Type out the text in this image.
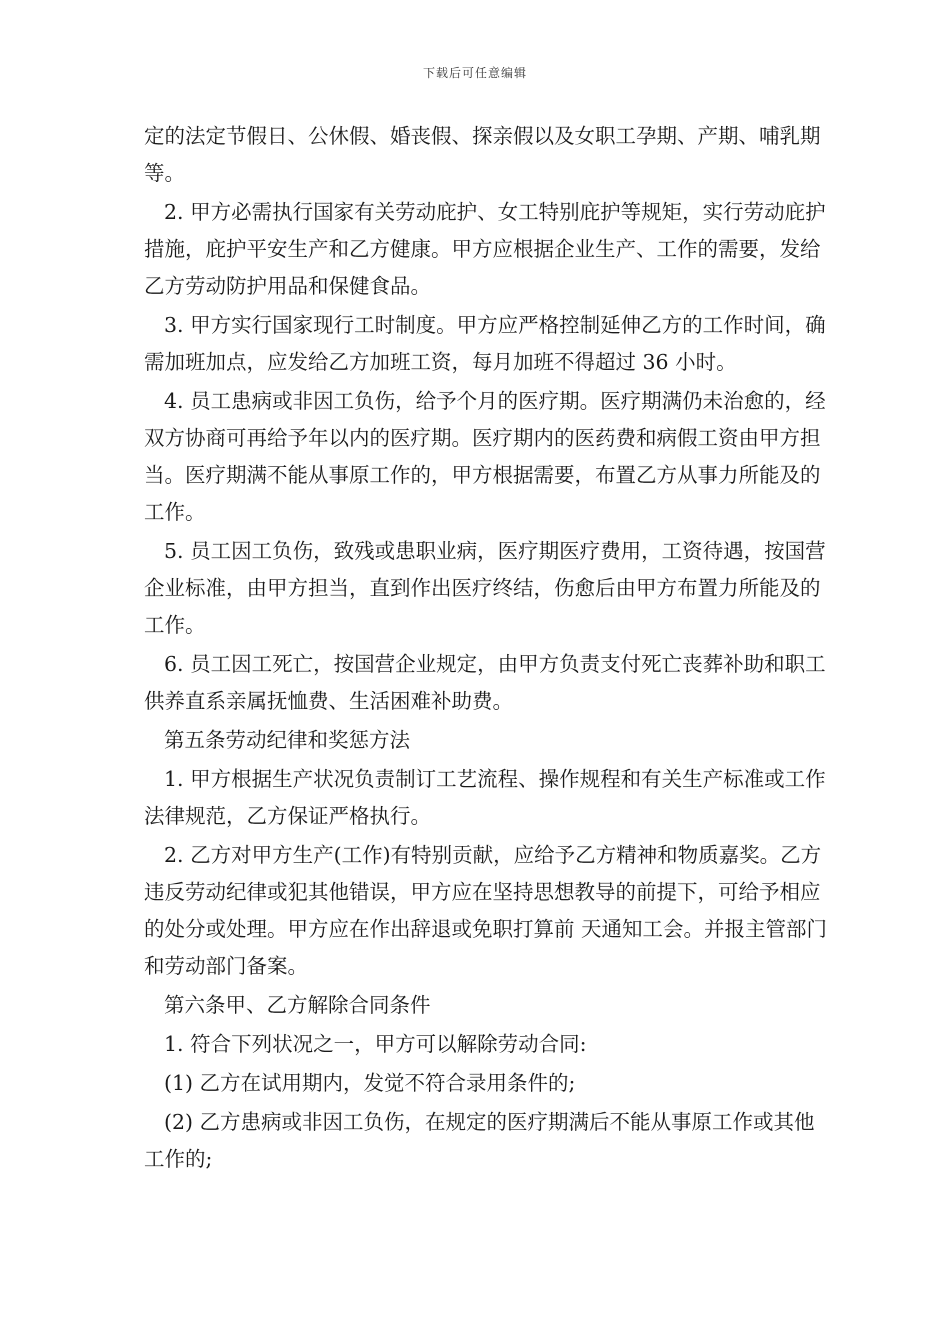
下载后可任意编辑

定的法定节假日、公休假、婚丧假、探亲假以及女职工孕期、产期、哺乳期等。

2. 甲方必需执行国家有关劳动庇护、女工特别庇护等规矩，实行劳动庇护措施，庇护平安生产和乙方健康。甲方应根据企业生产、工作的需要，发给乙方劳动防护用品和保健食品。

3. 甲方实行国家现行工时制度。甲方应严格控制延伸乙方的工作时间，确需加班加点，应发给乙方加班工资，每月加班不得超过 36 小时。

4. 员工患病或非因工负伤，给予个月的医疗期。医疗期满仍未治愈的，经双方协商可再给予年以内的医疗期。医疗期内的医药费和病假工资由甲方担当。医疗期满不能从事原工作的，甲方根据需要，布置乙方从事力所能及的工作。

5. 员工因工负伤，致残或患职业病，医疗期医疗费用，工资待遇，按国营企业标准，由甲方担当，直到作出医疗终结，伤愈后由甲方布置力所能及的工作。

6. 员工因工死亡，按国营企业规定，由甲方负责支付死亡丧葬补助和职工供养直系亲属抚恤费、生活困难补助费。

第五条劳动纪律和奖惩方法

1. 甲方根据生产状况负责制订工艺流程、操作规程和有关生产标准或工作法律规范，乙方保证严格执行。

2. 乙方对甲方生产(工作)有特别贡献，应给予乙方精神和物质嘉奖。乙方违反劳动纪律或犯其他错误，甲方应在坚持思想教导的前提下，可给予相应的处分或处理。甲方应在作出辞退或免职打算前 天通知工会。并报主管部门和劳动部门备案。

第六条甲、乙方解除合同条件

1. 符合下列状况之一，甲方可以解除劳动合同:

(1) 乙方在试用期内，发觉不符合录用条件的;

(2) 乙方患病或非因工负伤，在规定的医疗期满后不能从事原工作或其他工作的;
